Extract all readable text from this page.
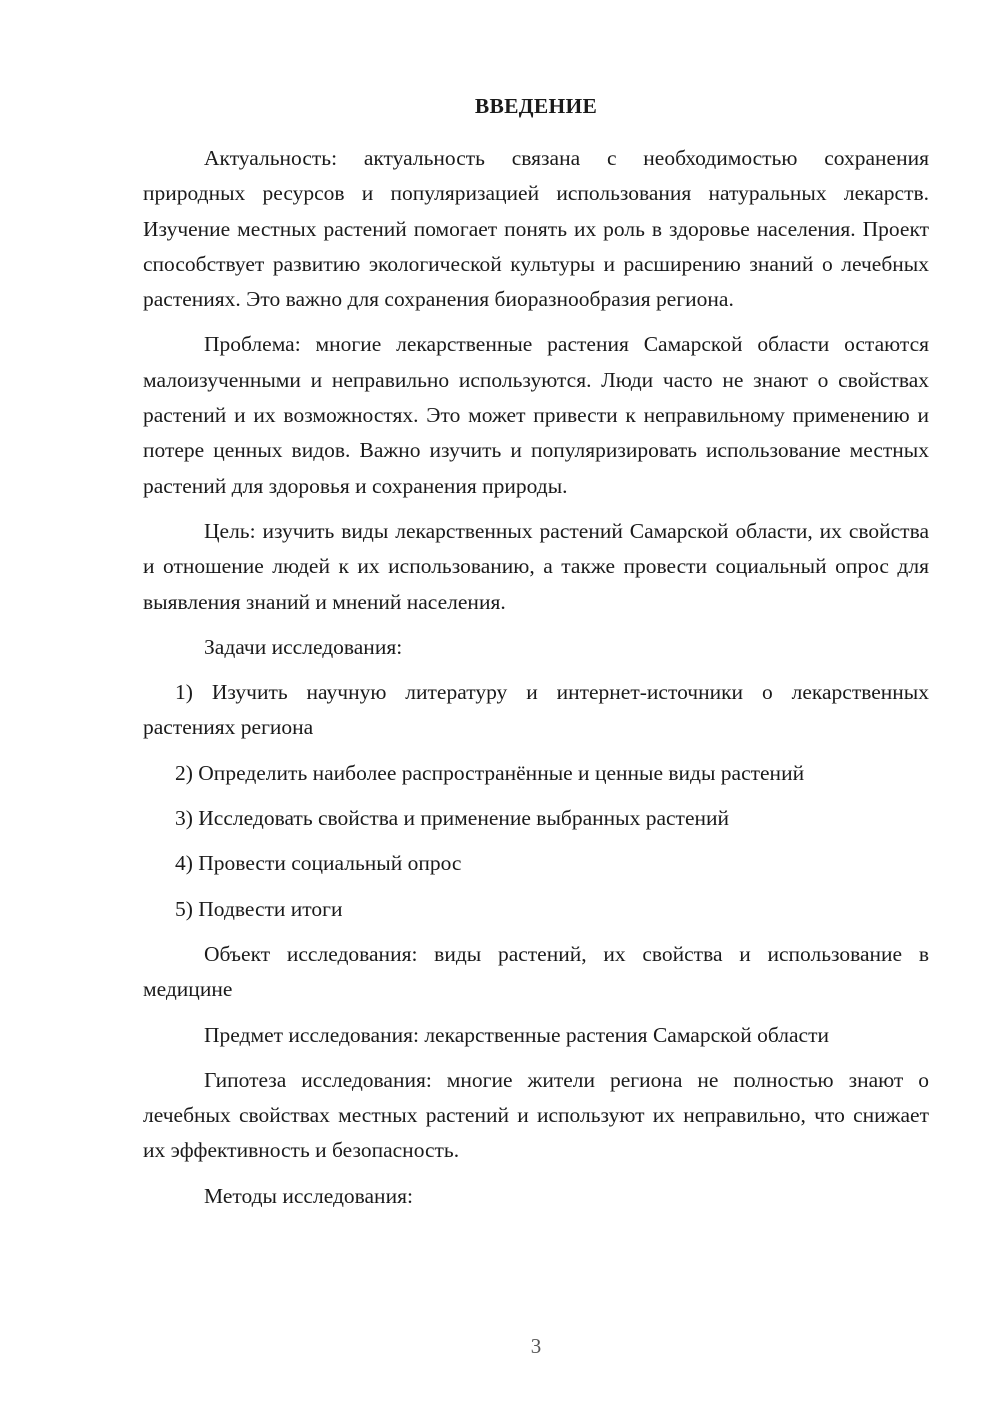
ВВЕДЕНИЕ

Актуальность: актуальность связана с необходимостью сохранения природных ресурсов и популяризацией использования натуральных лекарств. Изучение местных растений помогает понять их роль в здоровье населения. Проект способствует развитию экологической культуры и расширению знаний о лечебных растениях. Это важно для сохранения биоразнообразия региона.

Проблема: многие лекарственные растения Самарской области остаются малоизученными и неправильно используются. Люди часто не знают о свойствах растений и их возможностях. Это может привести к неправильному применению и потере ценных видов. Важно изучить и популяризировать использование местных растений для здоровья и сохранения природы.

Цель: изучить виды лекарственных растений Самарской области, их свойства и отношение людей к их использованию, а также провести социальный опрос для выявления знаний и мнений населения.

Задачи исследования:

1) Изучить научную литературу и интернет-источники о лекарственных растениях региона

2) Определить наиболее распространённые и ценные виды растений

3) Исследовать свойства и применение выбранных растений

4) Провести социальный опрос

5) Подвести итоги

Объект исследования: виды растений, их свойства и использование в медицине

Предмет исследования: лекарственные растения Самарской области

Гипотеза исследования: многие жители региона не полностью знают о лечебных свойствах местных растений и используют их неправильно, что снижает их эффективность и безопасность.

Методы исследования:

3
